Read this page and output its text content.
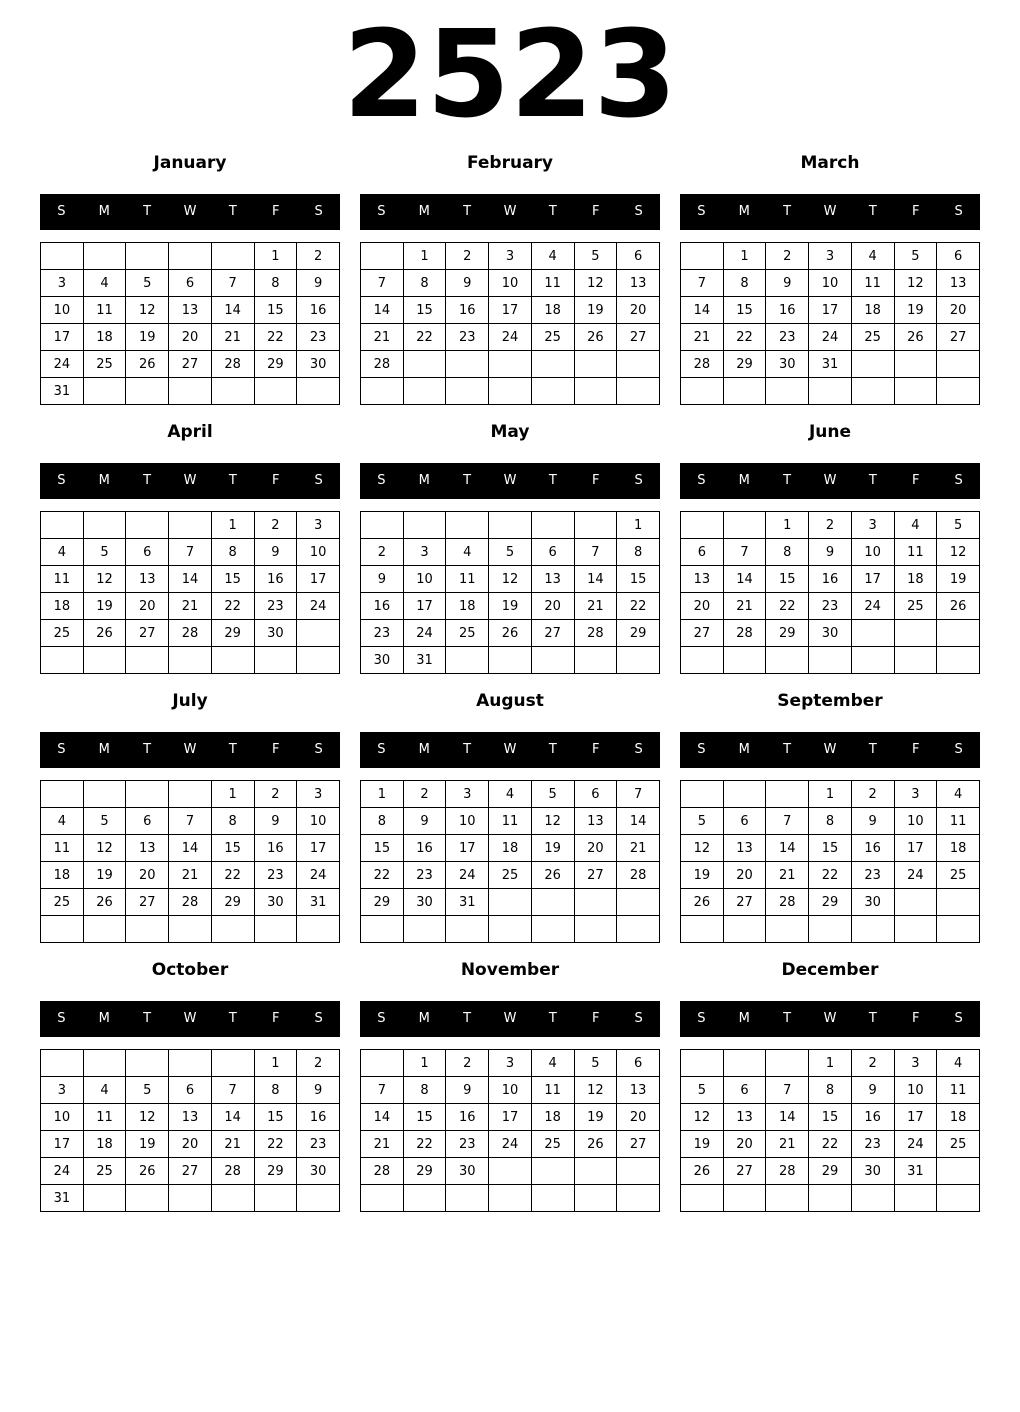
2523
January
S	M	T	W	T	F	S
					1	2
3	4	5	6	7	8	9
10	11	12	13	14	15	16
17	18	19	20	21	22	23
24	25	26	27	28	29	30
31						
February
S	M	T	W	T	F	S
	1	2	3	4	5	6
7	8	9	10	11	12	13
14	15	16	17	18	19	20
21	22	23	24	25	26	27
28						

March
S	M	T	W	T	F	S
	1	2	3	4	5	6
7	8	9	10	11	12	13
14	15	16	17	18	19	20
21	22	23	24	25	26	27
28	29	30	31			

April
S	M	T	W	T	F	S
				1	2	3
4	5	6	7	8	9	10
11	12	13	14	15	16	17
18	19	20	21	22	23	24
25	26	27	28	29	30	

May
S	M	T	W	T	F	S
						1
2	3	4	5	6	7	8
9	10	11	12	13	14	15
16	17	18	19	20	21	22
23	24	25	26	27	28	29
30	31					
June
S	M	T	W	T	F	S
		1	2	3	4	5
6	7	8	9	10	11	12
13	14	15	16	17	18	19
20	21	22	23	24	25	26
27	28	29	30			

July
S	M	T	W	T	F	S
				1	2	3
4	5	6	7	8	9	10
11	12	13	14	15	16	17
18	19	20	21	22	23	24
25	26	27	28	29	30	31

August
S	M	T	W	T	F	S
1	2	3	4	5	6	7
8	9	10	11	12	13	14
15	16	17	18	19	20	21
22	23	24	25	26	27	28
29	30	31				

September
S	M	T	W	T	F	S
			1	2	3	4
5	6	7	8	9	10	11
12	13	14	15	16	17	18
19	20	21	22	23	24	25
26	27	28	29	30		

October
S	M	T	W	T	F	S
					1	2
3	4	5	6	7	8	9
10	11	12	13	14	15	16
17	18	19	20	21	22	23
24	25	26	27	28	29	30
31						
November
S	M	T	W	T	F	S
	1	2	3	4	5	6
7	8	9	10	11	12	13
14	15	16	17	18	19	20
21	22	23	24	25	26	27
28	29	30				

December
S	M	T	W	T	F	S
			1	2	3	4
5	6	7	8	9	10	11
12	13	14	15	16	17	18
19	20	21	22	23	24	25
26	27	28	29	30	31	
